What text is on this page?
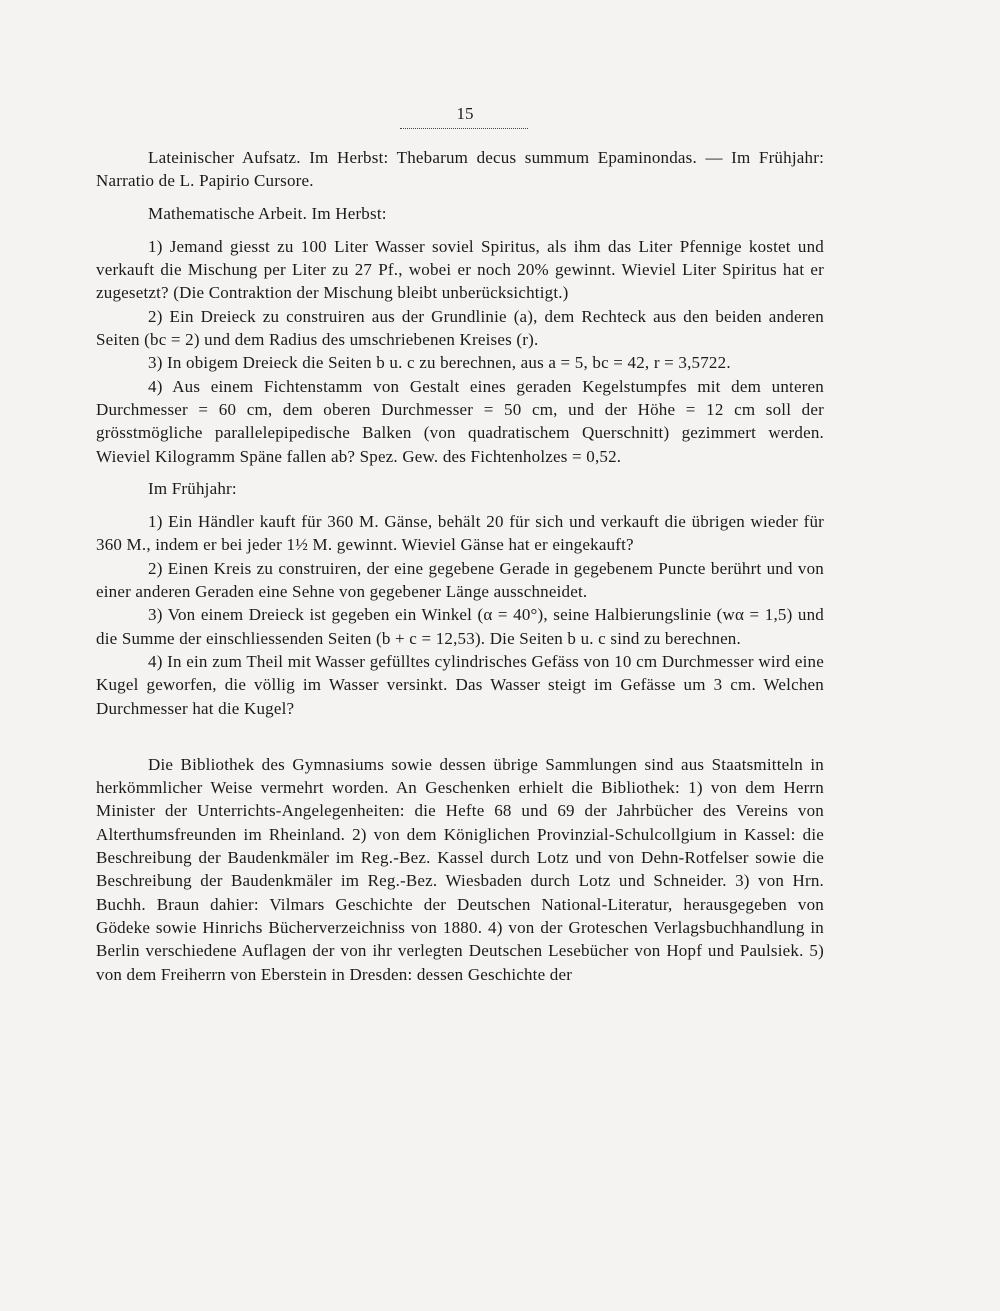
15

Lateinischer Aufsatz. Im Herbst: Thebarum decus summum Epaminondas. — Im Frühjahr: Narratio de L. Papirio Cursore.

Mathematische Arbeit. Im Herbst:

1) Jemand giesst zu 100 Liter Wasser soviel Spiritus, als ihm das Liter Pfennige kostet und verkauft die Mischung per Liter zu 27 Pf., wobei er noch 20% gewinnt. Wieviel Liter Spiritus hat er zugesetzt? (Die Contraktion der Mischung bleibt unberücksichtigt.)

2) Ein Dreieck zu construiren aus der Grundlinie (a), dem Rechteck aus den beiden anderen Seiten (bc = 2) und dem Radius des umschriebenen Kreises (r).

3) In obigem Dreieck die Seiten b u. c zu berechnen, aus a = 5, bc = 42, r = 3,5722.

4) Aus einem Fichtenstamm von Gestalt eines geraden Kegelstumpfes mit dem unteren Durchmesser = 60 cm, dem oberen Durchmesser = 50 cm, und der Höhe = 12 cm soll der grösstmögliche parallelepipedische Balken (von quadratischem Querschnitt) gezimmert werden. Wieviel Kilogramm Späne fallen ab? Spez. Gew. des Fichtenholzes = 0,52.

Im Frühjahr:

1) Ein Händler kauft für 360 M. Gänse, behält 20 für sich und verkauft die übrigen wieder für 360 M., indem er bei jeder 1½ M. gewinnt. Wieviel Gänse hat er eingekauft?

2) Einen Kreis zu construiren, der eine gegebene Gerade in gegebenem Puncte berührt und von einer anderen Geraden eine Sehne von gegebener Länge ausschneidet.

3) Von einem Dreieck ist gegeben ein Winkel (α = 40°), seine Halbierungslinie (wα = 1,5) und die Summe der einschliessenden Seiten (b + c = 12,53). Die Seiten b u. c sind zu berechnen.

4) In ein zum Theil mit Wasser gefülltes cylindrisches Gefäss von 10 cm Durchmesser wird eine Kugel geworfen, die völlig im Wasser versinkt. Das Wasser steigt im Gefässe um 3 cm. Welchen Durchmesser hat die Kugel?

Die Bibliothek des Gymnasiums sowie dessen übrige Sammlungen sind aus Staatsmitteln in herkömmlicher Weise vermehrt worden. An Geschenken erhielt die Bibliothek: 1) von dem Herrn Minister der Unterrichts-Angelegenheiten: die Hefte 68 und 69 der Jahrbücher des Vereins von Alterthumsfreunden im Rheinland. 2) von dem Königlichen Provinzial-Schulcollgium in Kassel: die Beschreibung der Baudenkmäler im Reg.-Bez. Kassel durch Lotz und von Dehn-Rotfelser sowie die Beschreibung der Baudenkmäler im Reg.-Bez. Wiesbaden durch Lotz und Schneider. 3) von Hrn. Buchh. Braun dahier: Vilmars Geschichte der Deutschen National-Literatur, herausgegeben von Gödeke sowie Hinrichs Bücherverzeichniss von 1880. 4) von der Groteschen Verlagsbuchhandlung in Berlin verschiedene Auflagen der von ihr verlegten Deutschen Lesebücher von Hopf und Paulsiek. 5) von dem Freiherrn von Eberstein in Dresden: dessen Geschichte der
